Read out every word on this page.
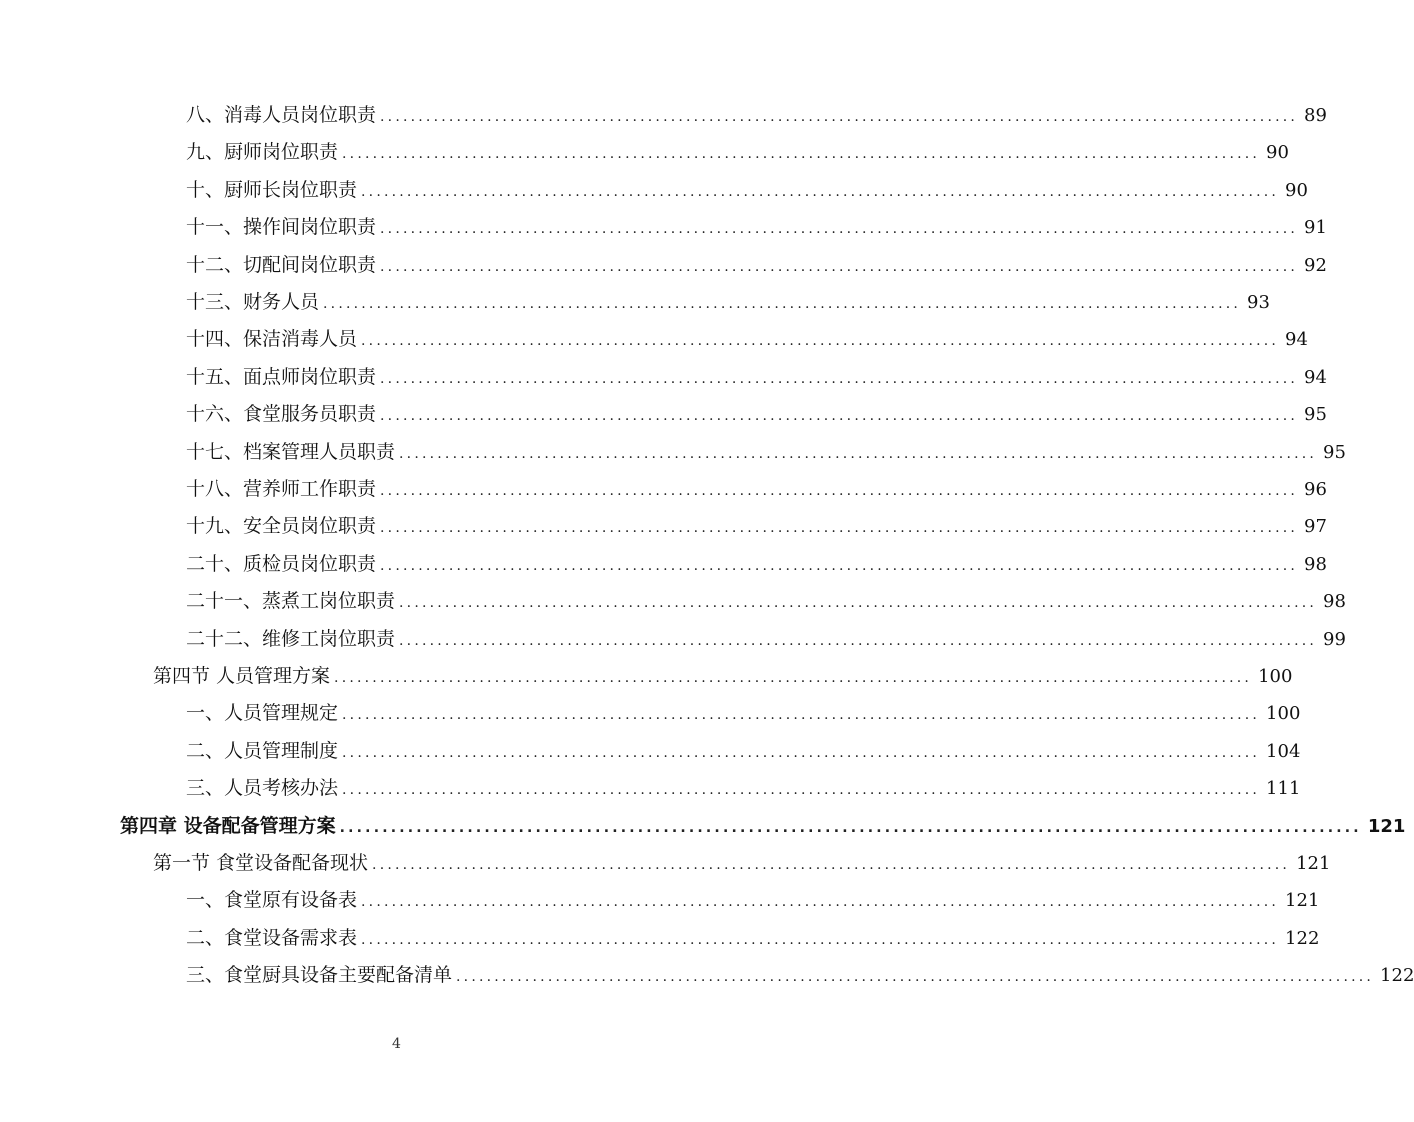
八、消毒人员岗位职责 ........................................................................................................................ 89
九、厨师岗位职责 ........................................................................................................................ 90
十、厨师长岗位职责 ........................................................................................................................ 90
十一、操作间岗位职责 ........................................................................................................................ 91
十二、切配间岗位职责 ........................................................................................................................ 92
十三、财务人员 ........................................................................................................................ 93
十四、保洁消毒人员 ........................................................................................................................ 94
十五、面点师岗位职责 ........................................................................................................................ 94
十六、食堂服务员职责 ........................................................................................................................ 95
十七、档案管理人员职责 ........................................................................................................................ 95
十八、营养师工作职责 ........................................................................................................................ 96
十九、安全员岗位职责 ........................................................................................................................ 97
二十、质检员岗位职责 ........................................................................................................................ 98
二十一、蒸煮工岗位职责 ........................................................................................................................ 98
二十二、维修工岗位职责 ........................................................................................................................ 99
第四节 人员管理方案 ........................................................................................................................ 100
一、人员管理规定 ........................................................................................................................ 100
二、人员管理制度 ........................................................................................................................ 104
三、人员考核办法 ........................................................................................................................ 111
第四章 设备配备管理方案 ........................................................................................................................ 121
第一节 食堂设备配备现状 ........................................................................................................................ 121
一、食堂原有设备表 ........................................................................................................................ 121
二、食堂设备需求表 ........................................................................................................................ 122
三、食堂厨具设备主要配备清单 ........................................................................................................................ 122
4
